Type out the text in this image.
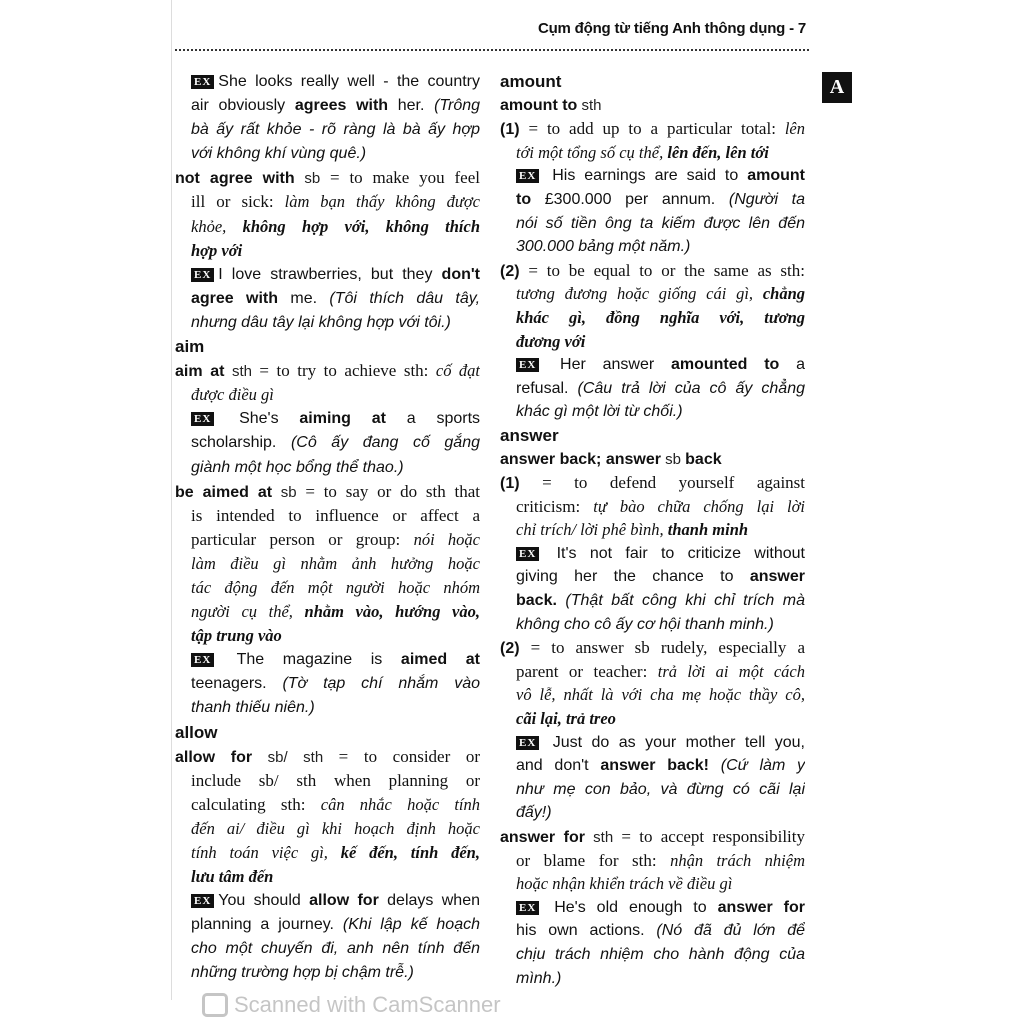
Cụm động từ tiếng Anh thông dụng - 7
A
EX She looks really well - the country
air obviously agrees with her. (Trông
bà ấy rất khỏe - rõ ràng là bà ấy hợp
với không khí vùng quê.)
not agree with sb = to make you feel
ill or sick: làm bạn thấy không được
khỏe, không hợp với, không thích
hợp với
EX I love strawberries, but they don't
agree with me. (Tôi thích dâu tây,
nhưng dâu tây lại không hợp với tôi.)
aim
aim at sth = to try to achieve sth: cố đạt
được điều gì
EX She's aiming at a sports
scholarship. (Cô ấy đang cố gắng
giành một học bổng thể thao.)
be aimed at sb = to say or do sth that
is intended to influence or affect a
particular person or group: nói hoặc
làm điều gì nhằm ảnh hưởng hoặc
tác động đến một người hoặc nhóm
người cụ thể, nhằm vào, hướng vào,
tập trung vào
EX The magazine is aimed at
teenagers. (Tờ tạp chí nhắm vào
thanh thiếu niên.)
allow
allow for sb/ sth = to consider or
include sb/ sth when planning or
calculating sth: cân nhắc hoặc tính
đến ai/ điều gì khi hoạch định hoặc
tính toán việc gì, kế đến, tính đến,
lưu tâm đến
EX You should allow for delays when
planning a journey. (Khi lập kế hoạch
cho một chuyến đi, anh nên tính đến
những trường hợp bị chậm trễ.)
amount
amount to sth
(1) = to add up to a particular total: lên
tới một tổng số cụ thể, lên đến, lên tới
EX His earnings are said to amount
to £300.000 per annum. (Người ta
nói số tiền ông ta kiếm được lên đến
300.000 bảng một năm.)
(2) = to be equal to or the same as sth:
tương đương hoặc giống cái gì, chẳng
khác gì, đồng nghĩa với, tương
đương với
EX Her answer amounted to a
refusal. (Câu trả lời của cô ấy chẳng
khác gì một lời từ chối.)
answer
answer back; answer sb back
(1) = to defend yourself against
criticism: tự bào chữa chống lại lời
chỉ trích/ lời phê bình, thanh minh
EX It's not fair to criticize without
giving her the chance to answer
back. (Thật bất công khi chỉ trích mà
không cho cô ấy cơ hội thanh minh.)
(2) = to answer sb rudely, especially a
parent or teacher: trả lời ai một cách
vô lễ, nhất là với cha mẹ hoặc thầy cô,
cãi lại, trả treo
EX Just do as your mother tell you,
and don't answer back! (Cứ làm y
như mẹ con bảo, và đừng có cãi lại
đấy!)
answer for sth = to accept responsibility
or blame for sth: nhận trách nhiệm
hoặc nhận khiển trách về điều gì
EX He's old enough to answer for
his own actions. (Nó đã đủ lớn để
chịu trách nhiệm cho hành động của
mình.)
Scanned with CamScanner
